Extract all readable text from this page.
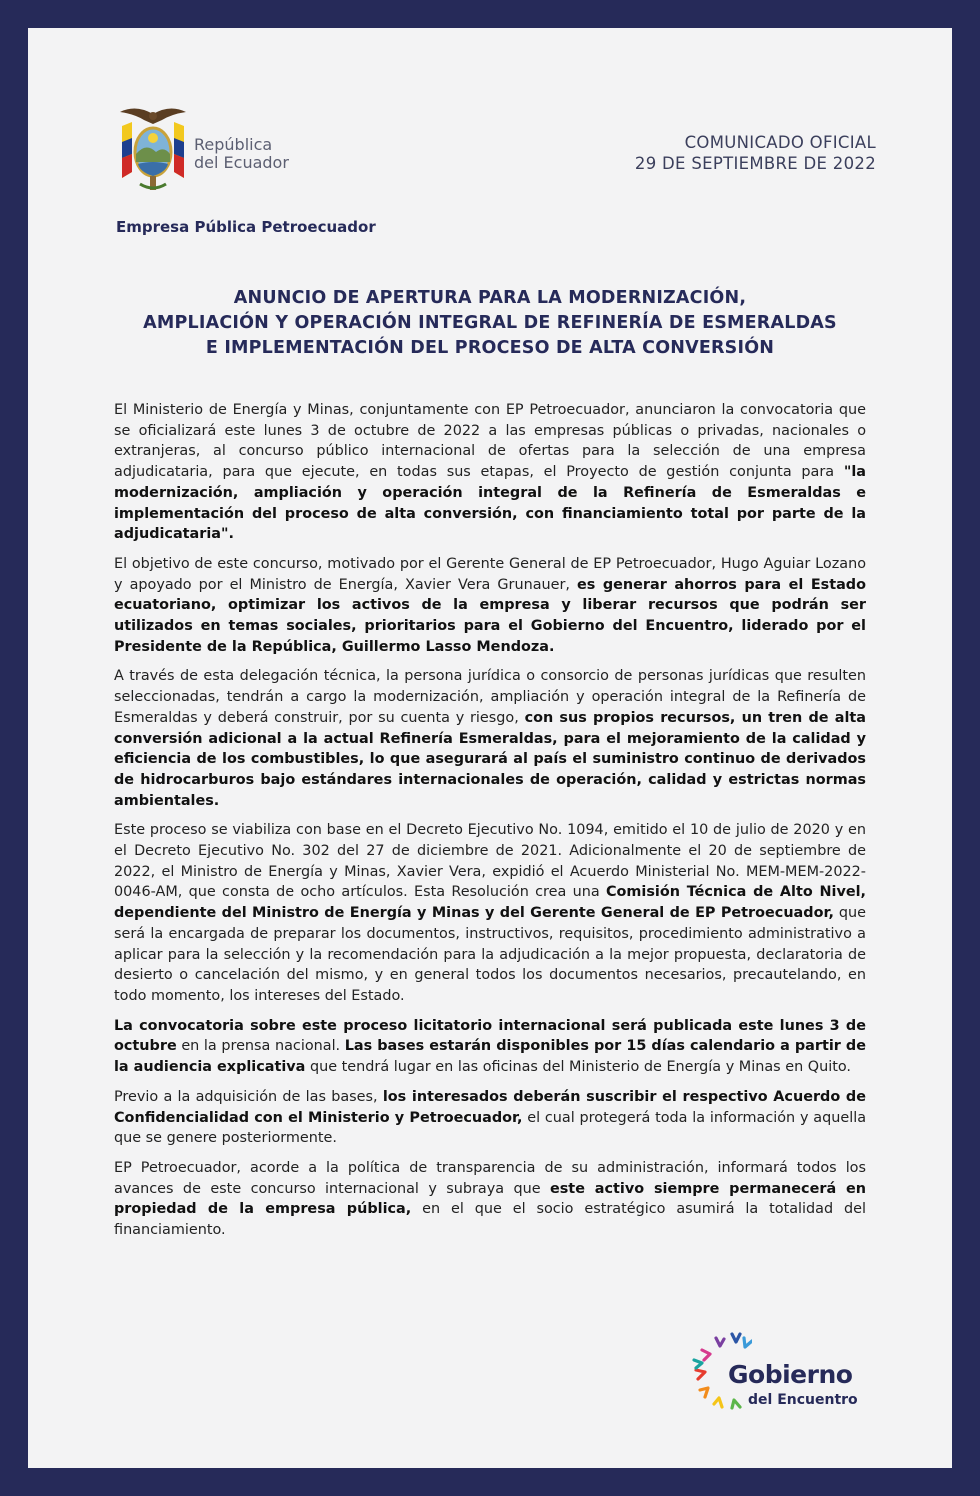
República
del Ecuador
COMUNICADO OFICIAL
29 DE SEPTIEMBRE DE 2022
Empresa Pública Petroecuador
ANUNCIO DE APERTURA PARA LA MODERNIZACIÓN,
AMPLIACIÓN Y OPERACIÓN INTEGRAL DE REFINERÍA DE ESMERALDAS
E IMPLEMENTACIÓN DEL PROCESO DE ALTA CONVERSIÓN

El Ministerio de Energía y Minas, conjuntamente con EP Petroecuador, anunciaron la convocatoria que se oficializará este lunes 3 de octubre de 2022 a las empresas públicas o privadas, nacionales o extranjeras, al concurso público internacional de ofertas para la selección de una empresa adjudicataria, para que ejecute, en todas sus etapas, el Proyecto de gestión conjunta para "la modernización, ampliación y operación integral de la Refinería de Esmeraldas e implementación del proceso de alta conversión, con financiamiento total por parte de la adjudicataria".

El objetivo de este concurso, motivado por el Gerente General de EP Petroecuador, Hugo Aguiar Lozano y apoyado por el Ministro de Energía, Xavier Vera Grunauer, es generar ahorros para el Estado ecuatoriano, optimizar los activos de la empresa y liberar recursos que podrán ser utilizados en temas sociales, prioritarios para el Gobierno del Encuentro, liderado por el Presidente de la República, Guillermo Lasso Mendoza.

A través de esta delegación técnica, la persona jurídica o consorcio de personas jurídicas que resulten seleccionadas, tendrán a cargo la modernización, ampliación y operación integral de la Refinería de Esmeraldas y deberá construir, por su cuenta y riesgo, con sus propios recursos, un tren de alta conversión adicional a la actual Refinería Esmeraldas, para el mejoramiento de la calidad y eficiencia de los combustibles, lo que asegurará al país el suministro continuo de derivados de hidrocarburos bajo estándares internacionales de operación, calidad y estrictas normas ambientales.

Este proceso se viabiliza con base en el Decreto Ejecutivo No. 1094, emitido el 10 de julio de 2020 y en el Decreto Ejecutivo No. 302 del 27 de diciembre de 2021. Adicionalmente el 20 de septiembre de 2022, el Ministro de Energía y Minas, Xavier Vera, expidió el Acuerdo Ministerial No. MEM-MEM-2022-0046-AM, que consta de ocho artículos. Esta Resolución crea una Comisión Técnica de Alto Nivel, dependiente del Ministro de Energía y Minas y del Gerente General de EP Petroecuador, que será la encargada de preparar los documentos, instructivos, requisitos, procedimiento administrativo a aplicar para la selección y la recomendación para la adjudicación a la mejor propuesta, declaratoria de desierto o cancelación del mismo, y en general todos los documentos necesarios, precautelando, en todo momento, los intereses del Estado.

La convocatoria sobre este proceso licitatorio internacional será publicada este lunes 3 de octubre en la prensa nacional. Las bases estarán disponibles por 15 días calendario a partir de la audiencia explicativa que tendrá lugar en las oficinas del Ministerio de Energía y Minas en Quito.

Previo a la adquisición de las bases, los interesados deberán suscribir el respectivo Acuerdo de Confidencialidad con el Ministerio y Petroecuador, el cual protegerá toda la información y aquella que se genere posteriormente.

EP Petroecuador, acorde a la política de transparencia de su administración, informará todos los avances de este concurso internacional y subraya que este activo siempre permanecerá en propiedad de la empresa pública, en el que el socio estratégico asumirá la totalidad del financiamiento.

Gobierno
del Encuentro
